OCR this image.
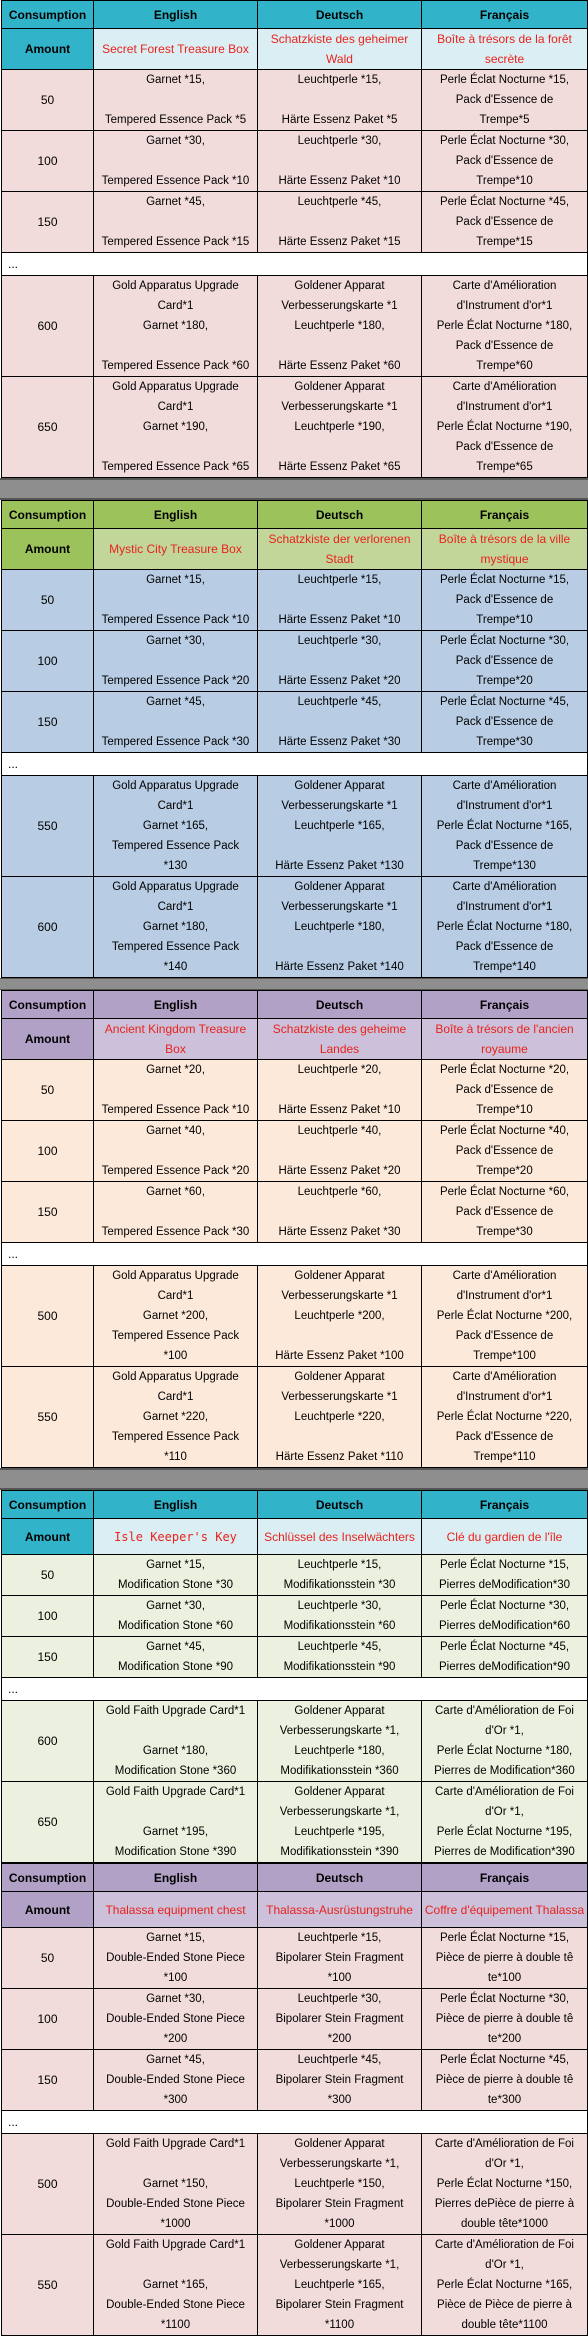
Consumption	English	Deutsch	Français
Amount	Secret Forest Treasure Box	Schatzkiste des geheimer Wald	Boîte à trésors de la forêt secrète
50	Garnet *15,

Tempered Essence Pack *5	Leuchtperle *15,

Härte Essenz Paket *5	Perle Éclat Nocturne *15,
Pack d'Essence de
Trempe*5
100	Garnet *30,

Tempered Essence Pack *10	Leuchtperle *30,

Härte Essenz Paket *10	Perle Éclat Nocturne *30,
Pack d'Essence de
Trempe*10
150	Garnet *45,

Tempered Essence Pack *15	Leuchtperle *45,

Härte Essenz Paket *15	Perle Éclat Nocturne *45,
Pack d'Essence de
Trempe*15
...			
600	Gold Apparatus Upgrade
Card*1
Garnet *180,

Tempered Essence Pack *60	Goldener Apparat
Verbesserungskarte *1
Leuchtperle *180,

Härte Essenz Paket *60	Carte d'Amélioration
d'Instrument d'or*1
Perle Éclat Nocturne *180,
Pack d'Essence de
Trempe*60
650	Gold Apparatus Upgrade
Card*1
Garnet *190,

Tempered Essence Pack *65	Goldener Apparat
Verbesserungskarte *1
Leuchtperle *190,

Härte Essenz Paket *65	Carte d'Amélioration
d'Instrument d'or*1
Perle Éclat Nocturne *190,
Pack d'Essence de
Trempe*65
Consumption	English	Deutsch	Français
Amount	Mystic City Treasure Box	Schatzkiste der verlorenen Stadt	Boîte à trésors de la ville mystique
50	Garnet *15,

Tempered Essence Pack *10	Leuchtperle *15,

Härte Essenz Paket *10	Perle Éclat Nocturne *15,
Pack d'Essence de
Trempe*10
100	Garnet *30,

Tempered Essence Pack *20	Leuchtperle *30,

Härte Essenz Paket *20	Perle Éclat Nocturne *30,
Pack d'Essence de
Trempe*20
150	Garnet *45,

Tempered Essence Pack *30	Leuchtperle *45,

Härte Essenz Paket *30	Perle Éclat Nocturne *45,
Pack d'Essence de
Trempe*30
...			
550	Gold Apparatus Upgrade
Card*1
Garnet *165,
Tempered Essence Pack
*130	Goldener Apparat
Verbesserungskarte *1
Leuchtperle *165,

Härte Essenz Paket *130	Carte d'Amélioration
d'Instrument d'or*1
Perle Éclat Nocturne *165,
Pack d'Essence de
Trempe*130
600	Gold Apparatus Upgrade
Card*1
Garnet *180,
Tempered Essence Pack
*140	Goldener Apparat
Verbesserungskarte *1
Leuchtperle *180,

Härte Essenz Paket *140	Carte d'Amélioration
d'Instrument d'or*1
Perle Éclat Nocturne *180,
Pack d'Essence de
Trempe*140
Consumption	English	Deutsch	Français
Amount	Ancient Kingdom Treasure Box	Schatzkiste des geheime Landes	Boîte à trésors de l'ancien royaume
50	Garnet *20,

Tempered Essence Pack *10	Leuchtperle *20,

Härte Essenz Paket *10	Perle Éclat Nocturne *20,
Pack d'Essence de
Trempe*10
100	Garnet *40,

Tempered Essence Pack *20	Leuchtperle *40,

Härte Essenz Paket *20	Perle Éclat Nocturne *40,
Pack d'Essence de
Trempe*20
150	Garnet *60,

Tempered Essence Pack *30	Leuchtperle *60,

Härte Essenz Paket *30	Perle Éclat Nocturne *60,
Pack d'Essence de
Trempe*30
...			
500	Gold Apparatus Upgrade
Card*1
Garnet *200,
Tempered Essence Pack
*100	Goldener Apparat
Verbesserungskarte *1
Leuchtperle *200,

Härte Essenz Paket *100	Carte d'Amélioration
d'Instrument d'or*1
Perle Éclat Nocturne *200,
Pack d'Essence de
Trempe*100
550	Gold Apparatus Upgrade
Card*1
Garnet *220,
Tempered Essence Pack
*110	Goldener Apparat
Verbesserungskarte *1
Leuchtperle *220,

Härte Essenz Paket *110	Carte d'Amélioration
d'Instrument d'or*1
Perle Éclat Nocturne *220,
Pack d'Essence de
Trempe*110
Consumption	English	Deutsch	Français
Amount	Isle Keeper's Key	Schlüssel des Inselwächters	Clé du gardien de l'île
50	Garnet *15,
Modification Stone *30	Leuchtperle *15,
Modifikationsstein *30	Perle Éclat Nocturne *15,
Pierres deModification*30
100	Garnet *30,
Modification Stone *60	Leuchtperle *30,
Modifikationsstein *60	Perle Éclat Nocturne *30,
Pierres deModification*60
150	Garnet *45,
Modification Stone *90	Leuchtperle *45,
Modifikationsstein *90	Perle Éclat Nocturne *45,
Pierres deModification*90
...			
600	Gold Faith Upgrade Card*1

Garnet *180,
Modification Stone *360	Goldener Apparat
Verbesserungskarte *1,
Leuchtperle *180,
Modifikationsstein *360	Carte d'Amélioration de Foi
d'Or *1,
Perle Éclat Nocturne *180,
Pierres de Modification*360
650	Gold Faith Upgrade Card*1

Garnet *195,
Modification Stone *390	Goldener Apparat
Verbesserungskarte *1,
Leuchtperle *195,
Modifikationsstein *390	Carte d'Amélioration de Foi
d'Or *1,
Perle Éclat Nocturne *195,
Pierres de Modification*390
Consumption	English	Deutsch	Français
Amount	Thalassa equipment chest	Thalassa-Ausrüstungstruhe	Coffre d'équipement Thalassa
50	Garnet *15,
Double-Ended Stone Piece
*100	Leuchtperle *15,
Bipolarer Stein Fragment
*100	Perle Éclat Nocturne *15,
Pièce de pierre à double tê
te*100
100	Garnet *30,
Double-Ended Stone Piece
*200	Leuchtperle *30,
Bipolarer Stein Fragment
*200	Perle Éclat Nocturne *30,
Pièce de pierre à double tê
te*200
150	Garnet *45,
Double-Ended Stone Piece
*300	Leuchtperle *45,
Bipolarer Stein Fragment
*300	Perle Éclat Nocturne *45,
Pièce de pierre à double tê
te*300
...			
500	Gold Faith Upgrade Card*1

Garnet *150,
Double-Ended Stone Piece
*1000	Goldener Apparat
Verbesserungskarte *1,
Leuchtperle *150,
Bipolarer Stein Fragment
*1000	Carte d'Amélioration de Foi
d'Or *1,
Perle Éclat Nocturne *150,
Pierres dePièce de pierre à
double tête*1000
550	Gold Faith Upgrade Card*1

Garnet *165,
Double-Ended Stone Piece
*1100	Goldener Apparat
Verbesserungskarte *1,
Leuchtperle *165,
Bipolarer Stein Fragment
*1100	Carte d'Amélioration de Foi
d'Or *1,
Perle Éclat Nocturne *165,
Pièce de Pièce de pierre à
double tête*1100
